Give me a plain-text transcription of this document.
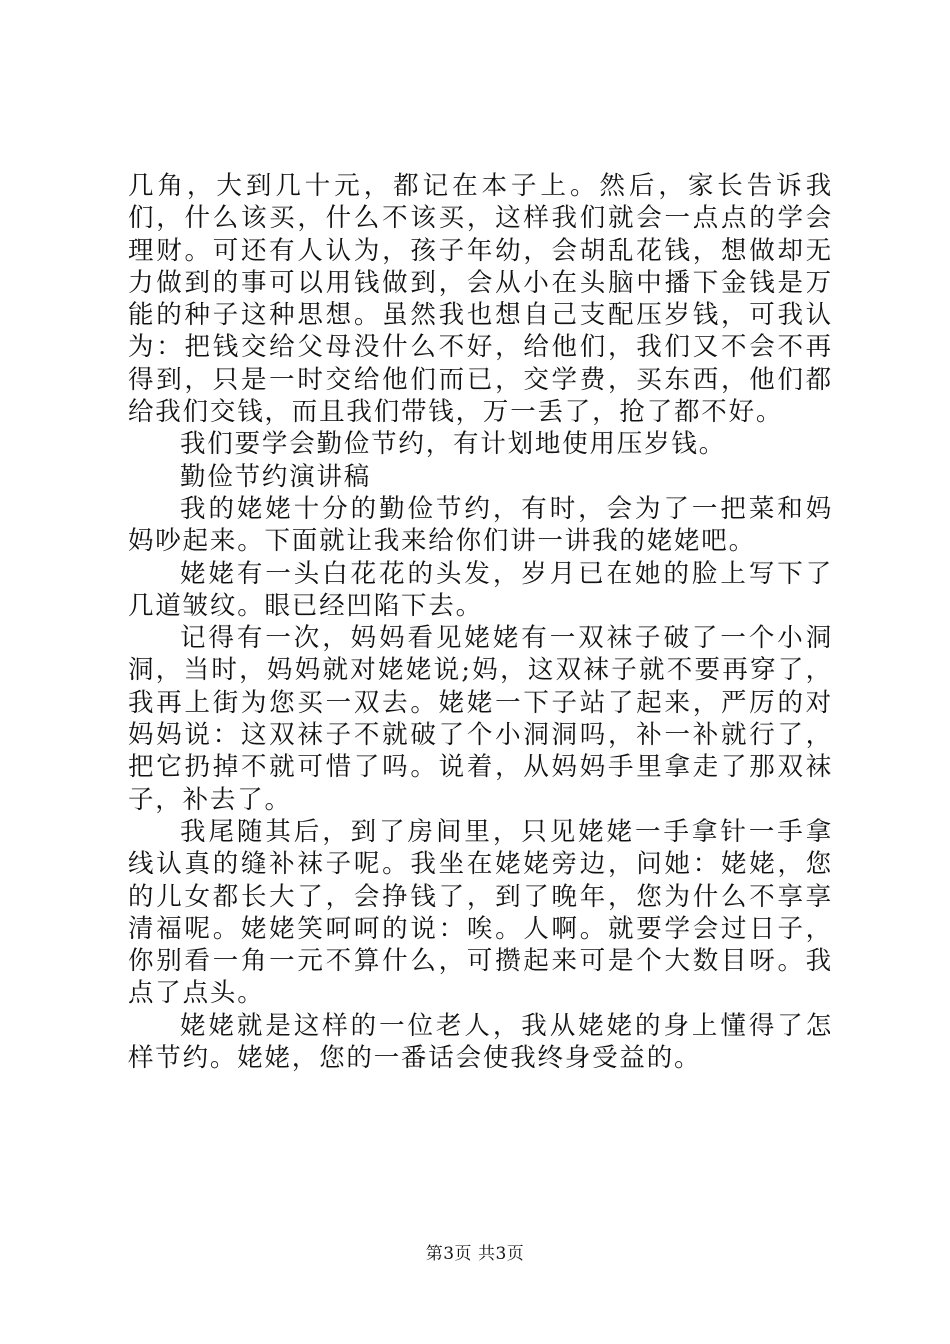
几角，大到几十元，都记在本子上。然后，家长告诉我们，什么该买，什么不该买，这样我们就会一点点的学会理财。可还有人认为，孩子年幼，会胡乱花钱，想做却无力做到的事可以用钱做到，会从小在头脑中播下金钱是万能的种子这种思想。虽然我也想自己支配压岁钱，可我认为：把钱交给父母没什么不好，给他们，我们又不会不再得到，只是一时交给他们而已，交学费，买东西，他们都给我们交钱，而且我们带钱，万一丢了，抢了都不好。

我们要学会勤俭节约，有计划地使用压岁钱。

勤俭节约演讲稿

我的姥姥十分的勤俭节约，有时，会为了一把菜和妈妈吵起来。下面就让我来给你们讲一讲我的姥姥吧。

姥姥有一头白花花的头发，岁月已在她的脸上写下了几道皱纹。眼已经凹陷下去。

记得有一次，妈妈看见姥姥有一双袜子破了一个小洞洞，当时，妈妈就对姥姥说;妈，这双袜子就不要再穿了，我再上街为您买一双去。姥姥一下子站了起来，严厉的对妈妈说：这双袜子不就破了个小洞洞吗，补一补就行了，把它扔掉不就可惜了吗。说着，从妈妈手里拿走了那双袜子，补去了。

我尾随其后，到了房间里，只见姥姥一手拿针一手拿线认真的缝补袜子呢。我坐在姥姥旁边，问她：姥姥，您的儿女都长大了，会挣钱了，到了晚年，您为什么不享享清福呢。姥姥笑呵呵的说：唉。人啊。就要学会过日子，你别看一角一元不算什么，可攒起来可是个大数目呀。我点了点头。

姥姥就是这样的一位老人，我从姥姥的身上懂得了怎样节约。姥姥，您的一番话会使我终身受益的。

第3页 共3页
